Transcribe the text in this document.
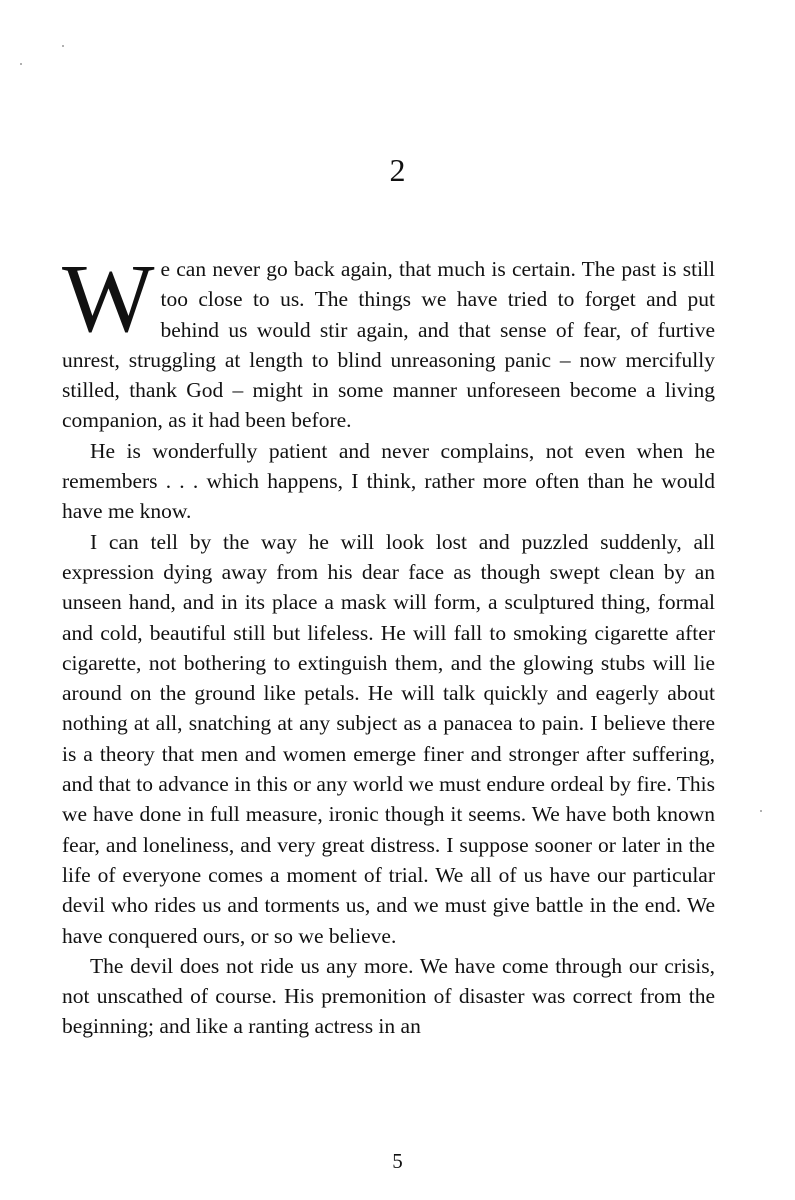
2

We can never go back again, that much is certain. The past is still too close to us. The things we have tried to forget and put behind us would stir again, and that sense of fear, of furtive unrest, struggling at length to blind unreasoning panic – now mercifully stilled, thank God – might in some manner unforeseen become a living companion, as it had been before.

He is wonderfully patient and never complains, not even when he remembers . . . which happens, I think, rather more often than he would have me know.

I can tell by the way he will look lost and puzzled suddenly, all expression dying away from his dear face as though swept clean by an unseen hand, and in its place a mask will form, a sculptured thing, formal and cold, beautiful still but lifeless. He will fall to smoking cigarette after cigarette, not bothering to extinguish them, and the glowing stubs will lie around on the ground like petals. He will talk quickly and eagerly about nothing at all, snatching at any subject as a panacea to pain. I believe there is a theory that men and women emerge finer and stronger after suffering, and that to advance in this or any world we must endure ordeal by fire. This we have done in full measure, ironic though it seems. We have both known fear, and loneliness, and very great distress. I suppose sooner or later in the life of everyone comes a moment of trial. We all of us have our particular devil who rides us and torments us, and we must give battle in the end. We have conquered ours, or so we believe.

The devil does not ride us any more. We have come through our crisis, not unscathed of course. His premonition of disaster was correct from the beginning; and like a ranting actress in an

5
